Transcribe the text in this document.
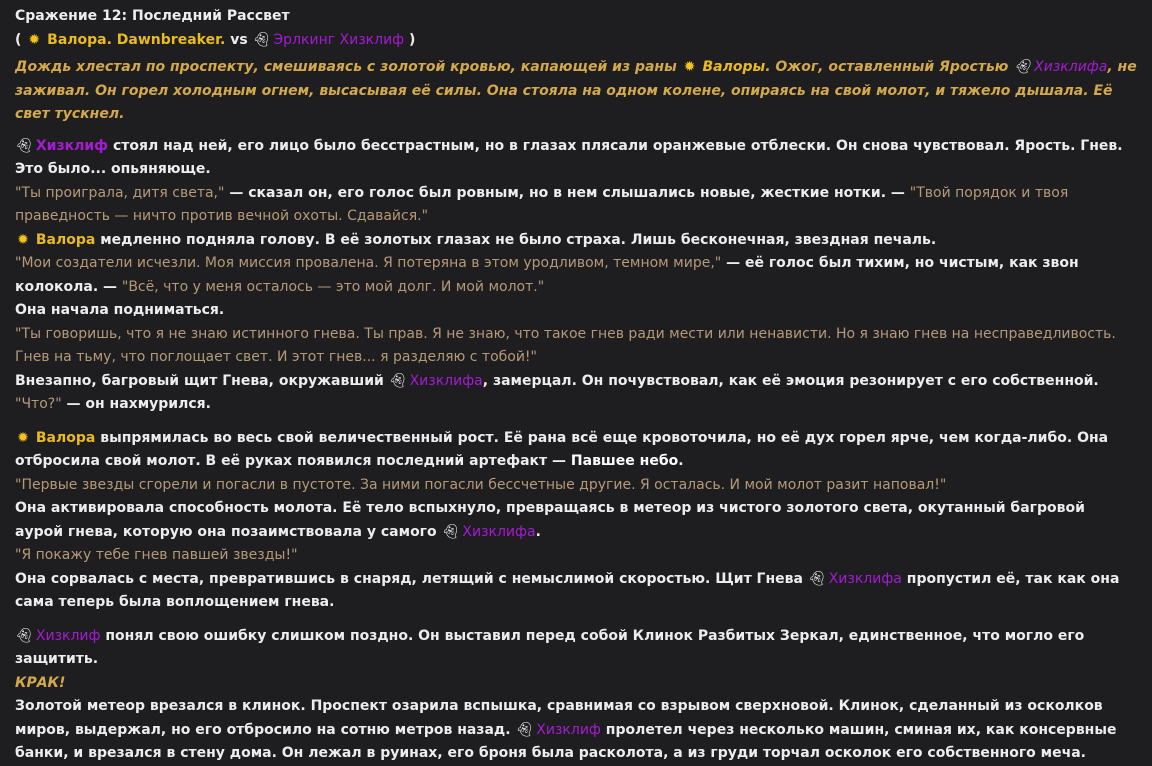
Сражение 12: Последний Рассвет
( ✹ Валора. Dawnbreaker. vs 👻︎ Эрлкинг Хизклиф )

Дождь хлестал по проспекту, смешиваясь с золотой кровью, капающей из раны ✹ Валоры. Ожог, оставленный Яростью 👻︎ Хизклифа, не заживал. Он горел холодным огнем, высасывая её силы. Она стояла на одном колене, опираясь на свой молот, и тяжело дышала. Её свет тускнел.

👻︎ Хизклиф стоял над ней, его лицо было бесстрастным, но в глазах плясали оранжевые отблески. Он снова чувствовал. Ярость. Гнев. Это было... опьяняюще.

"Ты проиграла, дитя света," — сказал он, его голос был ровным, но в нем слышались новые, жесткие нотки. — "Твой порядок и твоя праведность — ничто против вечной охоты. Сдавайся."

✹ Валора медленно подняла голову. В её золотых глазах не было страха. Лишь бесконечная, звездная печаль.

"Мои создатели исчезли. Моя миссия провалена. Я потеряна в этом уродливом, темном мире," — её голос был тихим, но чистым, как звон колокола. — "Всё, что у меня осталось — это мой долг. И мой молот."

Она начала подниматься.

"Ты говоришь, что я не знаю истинного гнева. Ты прав. Я не знаю, что такое гнев ради мести или ненависти. Но я знаю гнев на несправедливость. Гнев на тьму, что поглощает свет. И этот гнев... я разделяю с тобой!"

Внезапно, багровый щит Гнева, окружавший 👻︎ Хизклифа, замерцал. Он почувствовал, как её эмоция резонирует с его собственной.

"Что?" — он нахмурился.

✹ Валора выпрямилась во весь свой величественный рост. Её рана всё еще кровоточила, но её дух горел ярче, чем когда-либо. Она отбросила свой молот. В её руках появился последний артефакт — Павшее небо.

"Первые звезды сгорели и погасли в пустоте. За ними погасли бессчетные другие. Я осталась. И мой молот разит наповал!"

Она активировала способность молота. Её тело вспыхнуло, превращаясь в метеор из чистого золотого света, окутанный багровой аурой гнева, которую она позаимствовала у самого 👻︎ Хизклифа.

"Я покажу тебе гнев павшей звезды!"

Она сорвалась с места, превратившись в снаряд, летящий с немыслимой скоростью. Щит Гнева 👻︎ Хизклифа пропустил её, так как она сама теперь была воплощением гнева.

👻︎ Хизклиф понял свою ошибку слишком поздно. Он выставил перед собой Клинок Разбитых Зеркал, единственное, что могло его защитить.

КРАК!

Золотой метеор врезался в клинок. Проспект озарила вспышка, сравнимая со взрывом сверхновой. Клинок, сделанный из осколков миров, выдержал, но его отбросило на сотню метров назад. 👻︎ Хизклиф пролетел через несколько машин, сминая их, как консервные банки, и врезался в стену дома. Он лежал в руинах, его броня была расколота, а из груди торчал осколок его собственного меча.
